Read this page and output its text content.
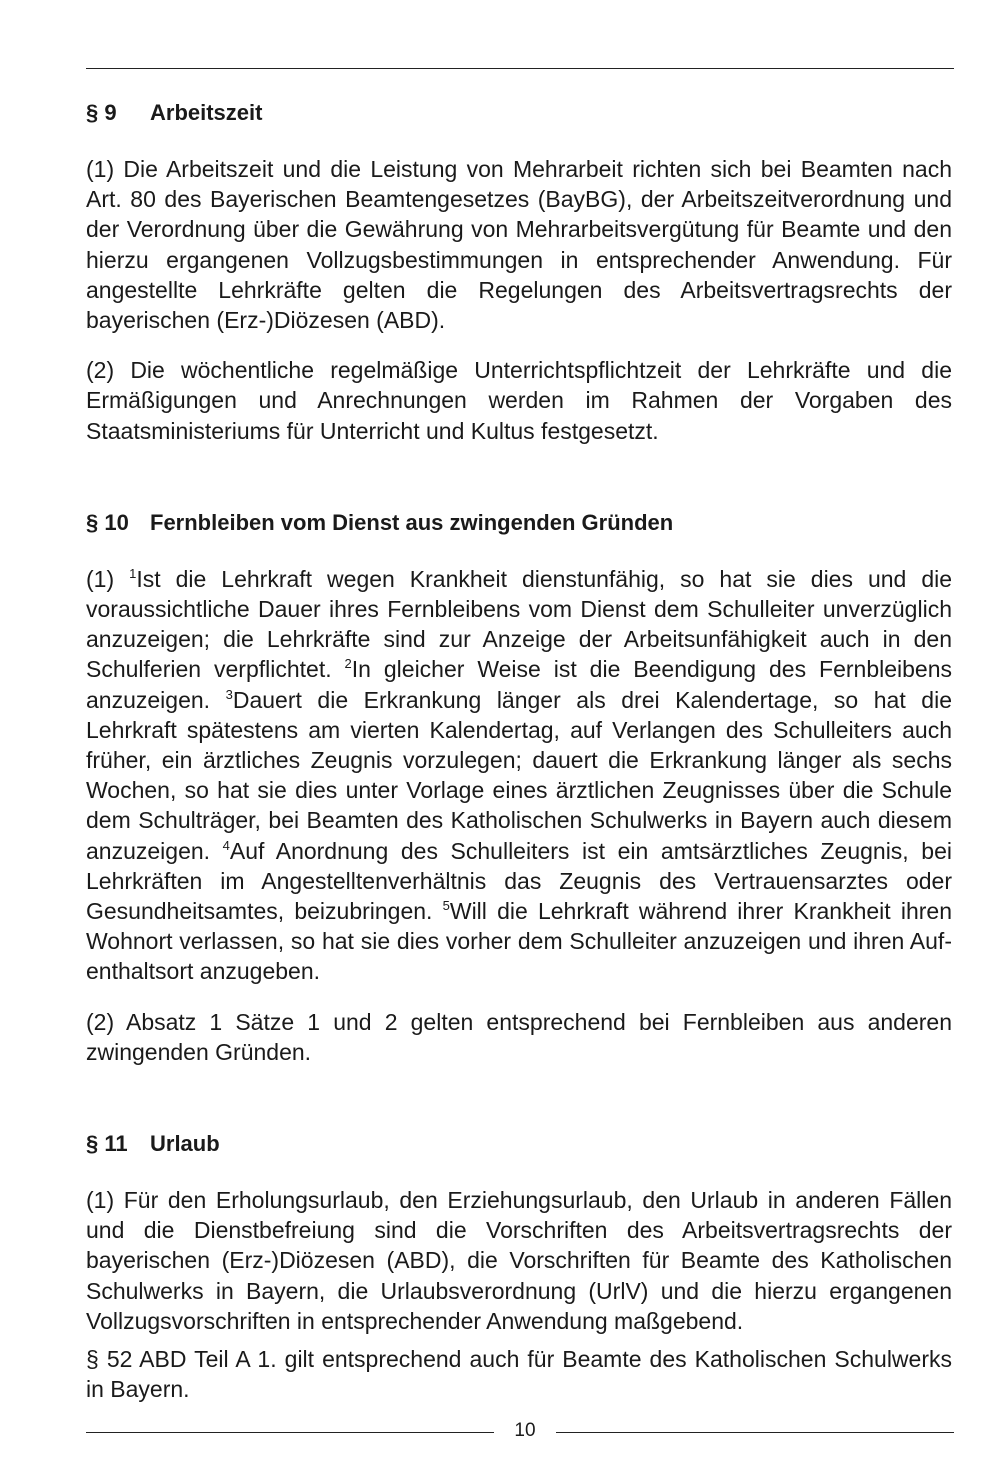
§ 9 Arbeitszeit

(1) Die Arbeitszeit und die Leistung von Mehrarbeit richten sich bei Beamten nach Art. 80 des Bayerischen Beamtengesetzes (BayBG), der Arbeitszeitverordnung und der Verordnung über die Gewährung von Mehrarbeitsvergütung für Beamte und den hierzu ergangenen Vollzugsbestimmungen in entsprechender Anwendung. Für angestellte Lehrkräfte gelten die Regelungen des Arbeitsvertragsrechts der bayerischen (Erz-)Diözesen (ABD).

(2) Die wöchentliche regelmäßige Unterrichtspflichtzeit der Lehrkräfte und die Ermäßigungen und Anrechnungen werden im Rahmen der Vorgaben des Staatsministeriums für Unterricht und Kultus festgesetzt.

§ 10 Fernbleiben vom Dienst aus zwingenden Gründen

(1) $^1$Ist die Lehrkraft wegen Krankheit dienstunfähig, so hat sie dies und die voraussichtliche Dauer ihres Fernbleibens vom Dienst dem Schulleiter unverzüglich anzuzeigen; die Lehrkräfte sind zur Anzeige der Arbeitsunfähigkeit auch in den Schulferien verpflichtet. $^2$In gleicher Weise ist die Beendigung des Fernbleibens anzuzeigen. $^3$Dauert die Erkrankung länger als drei Kalendertage, so hat die Lehrkraft spätestens am vierten Kalendertag, auf Verlangen des Schulleiters auch früher, ein ärztliches Zeugnis vorzulegen; dauert die Erkrankung länger als sechs Wochen, so hat sie dies unter Vorlage eines ärztlichen Zeugnisses über die Schule dem Schulträger, bei Beamten des Katholischen Schulwerks in Bayern auch diesem anzuzeigen. $^4$Auf Anordnung des Schulleiters ist ein amtsärztliches Zeugnis, bei Lehrkräften im Angestelltenverhältnis das Zeugnis des Vertrauensarztes oder Gesundheitsamtes, beizubringen. $^5$Will die Lehrkraft während ihrer Krankheit ihren Wohnort verlassen, so hat sie dies vorher dem Schulleiter anzuzeigen und ihren Aufenthaltsort anzugeben.

(2) Absatz 1 Sätze 1 und 2 gelten entsprechend bei Fernbleiben aus anderen zwingenden Gründen.

§ 11 Urlaub

(1) Für den Erholungsurlaub, den Erziehungsurlaub, den Urlaub in anderen Fällen und die Dienstbefreiung sind die Vorschriften des Arbeitsvertragsrechts der bayerischen (Erz-)Diözesen (ABD), die Vorschriften für Beamte des Katholischen Schulwerks in Bayern, die Urlaubsverordnung (UrlV) und die hierzu ergangenen Vollzugsvorschriften in entsprechender Anwendung maßgebend.

§ 52 ABD Teil A 1. gilt entsprechend auch für Beamte des Katholischen Schulwerks in Bayern.

10
